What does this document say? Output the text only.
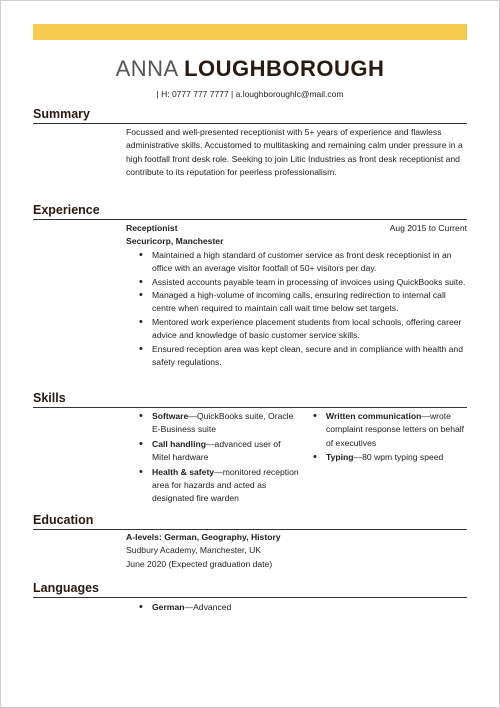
ANNA LOUGHBOROUGH
| H: 0777 777 7777 | a.loughboroughlc@mail.com
Summary
Focussed and well-presented receptionist with 5+ years of experience and flawless administrative skills. Accustomed to multitasking and remaining calm under pressure in a high footfall front desk role. Seeking to join Litic Industries as front desk receptionist and contribute to its reputation for peerless professionalism.
Experience
Receptionist	Aug 2015 to Current
Securicorp, Manchester
• Maintained a high standard of customer service as front desk receptionist in an office with an average visitor footfall of 50+ visitors per day.
• Assisted accounts payable team in processing of invoices using QuickBooks suite.
• Managed a high-volume of incoming calls, ensuring redirection to internal call centre when required to maintain call wait time below set targets.
• Mentored work experience placement students from local schools, offering career advice and knowledge of basic customer service skills.
• Ensured reception area was kept clean, secure and in compliance with health and safety regulations.
Skills
• Software—QuickBooks suite, Oracle E-Business suite
• Call handling—advanced user of Mitel hardware
• Health & safety—monitored reception area for hazards and acted as designated fire warden
• Written communication—wrote complaint response letters on behalf of executives
• Typing—80 wpm typing speed
Education
A-levels: German, Geography, History
Sudbury Academy, Manchester, UK
June 2020 (Expected graduation date)
Languages
• German—Advanced
